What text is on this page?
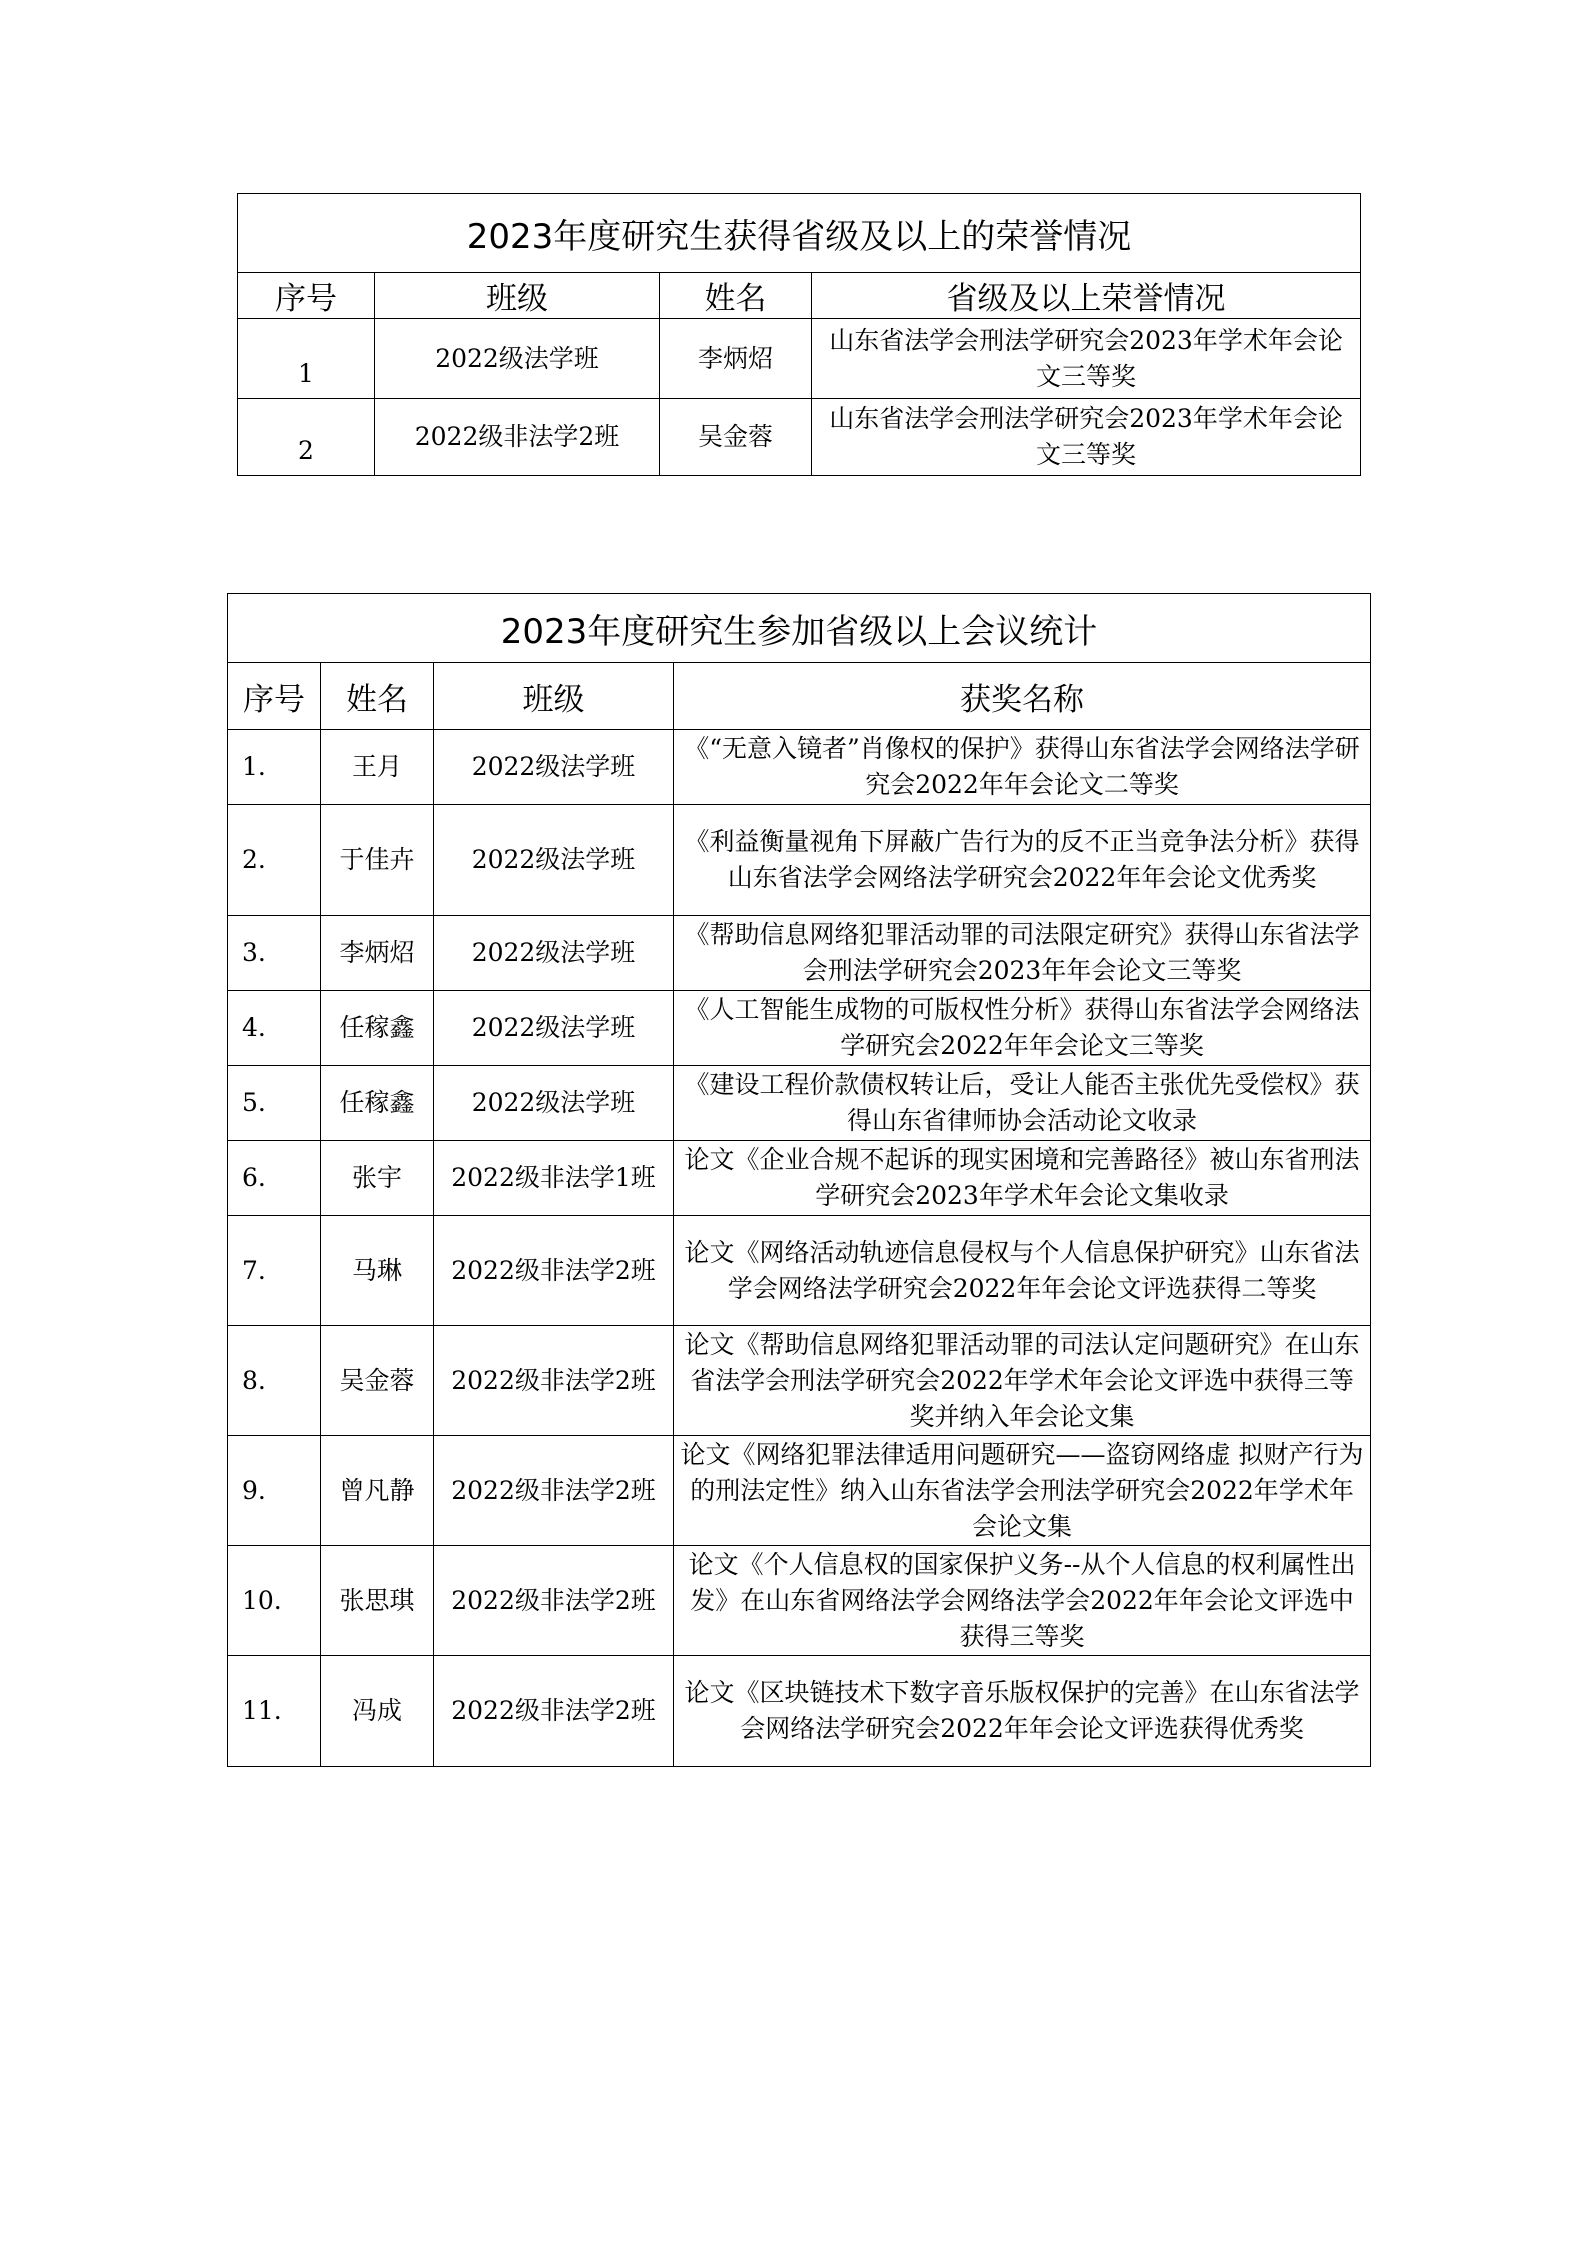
2023年度研究生获得省级及以上的荣誉情况			
序号	班级	姓名	省级及以上荣誉情况
1	2022级法学班	李炳炤	山东省法学会刑法学研究会2023年学术年会论文三等奖
2	2022级非法学2班	吴金蓉	山东省法学会刑法学研究会2023年学术年会论文三等奖
2023年度研究生参加省级以上会议统计			
序号	姓名	班级	获奖名称
1.	王月	2022级法学班	《“无意入镜者”肖像权的保护》获得山东省法学会网络法学研究会2022年年会论文二等奖
2.	于佳卉	2022级法学班	《利益衡量视角下屏蔽广告行为的反不正当竞争法分析》获得山东省法学会网络法学研究会2022年年会论文优秀奖
3.	李炳炤	2022级法学班	《帮助信息网络犯罪活动罪的司法限定研究》获得山东省法学会刑法学研究会2023年年会论文三等奖
4.	任稼鑫	2022级法学班	《人工智能生成物的可版权性分析》获得山东省法学会网络法学研究会2022年年会论文三等奖
5.	任稼鑫	2022级法学班	《建设工程价款债权转让后，受让人能否主张优先受偿权》获得山东省律师协会活动论文收录
6.	张宇	2022级非法学1班	论文《企业合规不起诉的现实困境和完善路径》被山东省刑法学研究会2023年学术年会论文集收录
7.	马琳	2022级非法学2班	论文《网络活动轨迹信息侵权与个人信息保护研究》山东省法学会网络法学研究会2022年年会论文评选获得二等奖
8.	吴金蓉	2022级非法学2班	论文《帮助信息网络犯罪活动罪的司法认定问题研究》在山东省法学会刑法学研究会2022年学术年会论文评选中获得三等奖并纳入年会论文集
9.	曾凡静	2022级非法学2班	论文《网络犯罪法律适用问题研究——盗窃网络虚 拟财产行为的刑法定性》纳入山东省法学会刑法学研究会2022年学术年会论文集
10.	张思琪	2022级非法学2班	论文《个人信息权的国家保护义务--从个人信息的权利属性出发》在山东省网络法学会网络法学会2022年年会论文评选中获得三等奖
11.	冯成	2022级非法学2班	论文《区块链技术下数字音乐版权保护的完善》在山东省法学会网络法学研究会2022年年会论文评选获得优秀奖
